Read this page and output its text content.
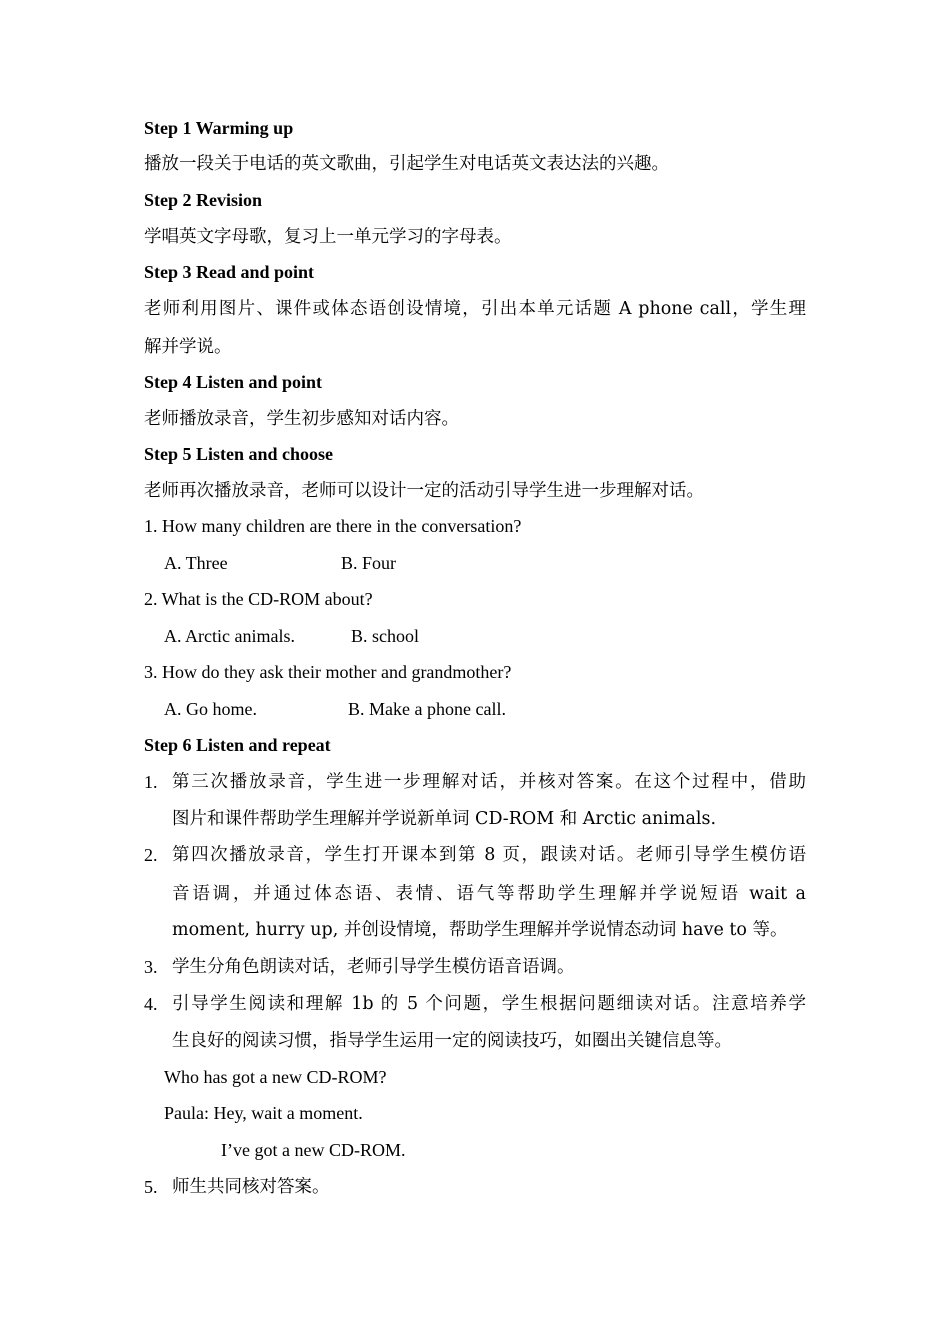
Step 1 Warming up
播放一段关于电话的英文歌曲，引起学生对电话英文表达法的兴趣。
Step 2 Revision
学唱英文字母歌，复习上一单元学习的字母表。
Step 3 Read and point
老师利用图片、课件或体态语创设情境，引出本单元话题 A phone call，学生理
解并学说。
Step 4 Listen and point
老师播放录音，学生初步感知对话内容。
Step 5 Listen and choose
老师再次播放录音，老师可以设计一定的活动引导学生进一步理解对话。
1. How many children are there in the conversation?
A. Three	B. Four
2. What is the CD-ROM about?
A. Arctic animals.	B. school
3. How do they ask their mother and grandmother?
A. Go home.	B. Make a phone call.
Step 6 Listen and repeat
1. 第三次播放录音，学生进一步理解对话，并核对答案。在这个过程中，借助
图片和课件帮助学生理解并学说新单词 CD-ROM 和 Arctic animals.
2. 第四次播放录音，学生打开课本到第 8 页，跟读对话。老师引导学生模仿语
音语调，并通过体态语、表情、语气等帮助学生理解并学说短语 wait a
moment, hurry up, 并创设情境，帮助学生理解并学说情态动词 have to 等。
3. 学生分角色朗读对话，老师引导学生模仿语音语调。
4. 引导学生阅读和理解 1b 的 5 个问题，学生根据问题细读对话。注意培养学
生良好的阅读习惯，指导学生运用一定的阅读技巧，如圈出关键信息等。
Who has got a new CD-ROM?
Paula: Hey, wait a moment.
I’ve got a new CD-ROM.
5. 师生共同核对答案。
